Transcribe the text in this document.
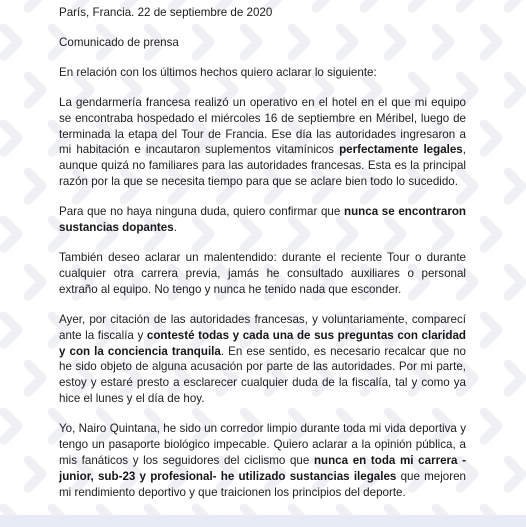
París, Francia. 22 de septiembre de 2020

Comunicado de prensa

En relación con los últimos hechos quiero aclarar lo siguiente:

La gendarmería francesa realizó un operativo en el hotel en el que mi equipo se encontraba hospedado el miércoles 16 de septiembre en Méribel, luego de terminada la etapa del Tour de Francia. Ese día las autoridades ingresaron a mi habitación e incautaron suplementos vitamínicos perfectamente legales, aunque quizá no familiares para las autoridades francesas. Esta es la principal razón por la que se necesita tiempo para que se aclare bien todo lo sucedido.

Para que no haya ninguna duda, quiero confirmar que nunca se encontraron sustancias dopantes.

También deseo aclarar un malentendido: durante el reciente Tour o durante cualquier otra carrera previa, jamás he consultado auxiliares o personal extraño al equipo. No tengo y nunca he tenido nada que esconder.

Ayer, por citación de las autoridades francesas, y voluntariamente, comparecí ante la fiscalía y contesté todas y cada una de sus preguntas con claridad y con la conciencia tranquila. En ese sentido, es necesario recalcar que no he sido objeto de alguna acusación por parte de las autoridades. Por mi parte, estoy y estaré presto a esclarecer cualquier duda de la fiscalía, tal y como ya hice el lunes y el día de hoy.

Yo, Nairo Quintana, he sido un corredor limpio durante toda mi vida deportiva y tengo un pasaporte biológico impecable. Quiero aclarar a la opinión pública, a mis fanáticos y los seguidores del ciclismo que nunca en toda mi carrera - junior, sub-23 y profesional- he utilizado sustancias ilegales que mejoren mi rendimiento deportivo y que traicionen los principios del deporte.
